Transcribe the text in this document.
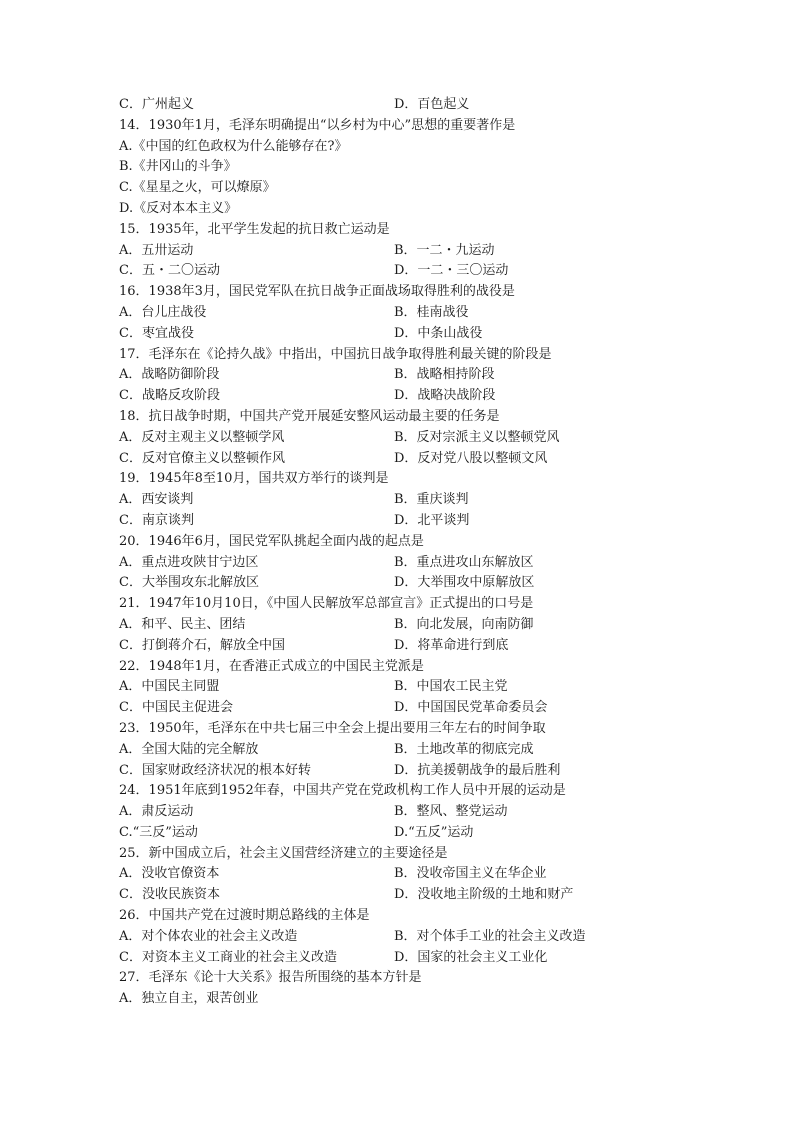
C．广州起义	D．百色起义
14．1930年1月，毛泽东明确提出“以乡村为中心”思想的重要著作是
A.《中国的红色政权为什么能够存在?》
B.《井冈山的斗争》
C.《星星之火，可以燎原》
D.《反对本本主义》
15．1935年，北平学生发起的抗日救亡运动是
A．五卅运动	B．一二・九运动
C．五・二〇运动	D．一二・三〇运动
16．1938年3月，国民党军队在抗日战争正面战场取得胜利的战役是
A．台儿庄战役	B．桂南战役
C．枣宜战役	D．中条山战役
17．毛泽东在《论持久战》中指出，中国抗日战争取得胜利最关键的阶段是
A．战略防御阶段	B．战略相持阶段
C．战略反攻阶段	D．战略决战阶段
18．抗日战争时期，中国共产党开展延安整风运动最主要的任务是
A．反对主观主义以整顿学风	B．反对宗派主义以整顿党风
C．反对官僚主义以整顿作风	D．反对党八股以整顿文风
19．1945年8至10月，国共双方举行的谈判是
A．西安谈判	B．重庆谈判
C．南京谈判	D．北平谈判
20．1946年6月，国民党军队挑起全面内战的起点是
A．重点进攻陕甘宁边区	B．重点进攻山东解放区
C．大举围攻东北解放区	D．大举围攻中原解放区
21．1947年10月10日，《中国人民解放军总部宣言》正式提出的口号是
A．和平、民主、团结	B．向北发展，向南防御
C．打倒蒋介石，解放全中国	D．将革命进行到底
22．1948年1月，在香港正式成立的中国民主党派是
A．中国民主同盟	B．中国农工民主党
C．中国民主促进会	D．中国国民党革命委员会
23．1950年，毛泽东在中共七届三中全会上提出要用三年左右的时间争取
A．全国大陆的完全解放	B．土地改革的彻底完成
C．国家财政经济状况的根本好转	D．抗美援朝战争的最后胜利
24．1951年底到1952年春，中国共产党在党政机构工作人员中开展的运动是
A．肃反运动	B．整风、整党运动
C.“三反”运动	D.“五反”运动
25．新中国成立后，社会主义国营经济建立的主要途径是
A．没收官僚资本	B．没收帝国主义在华企业
C．没收民族资本	D．没收地主阶级的土地和财产
26．中国共产党在过渡时期总路线的主体是
A．对个体农业的社会主义改造	B．对个体手工业的社会主义改造
C．对资本主义工商业的社会主义改造	D．国家的社会主义工业化
27．毛泽东《论十大关系》报告所围绕的基本方针是
A．独立自主，艰苦创业
